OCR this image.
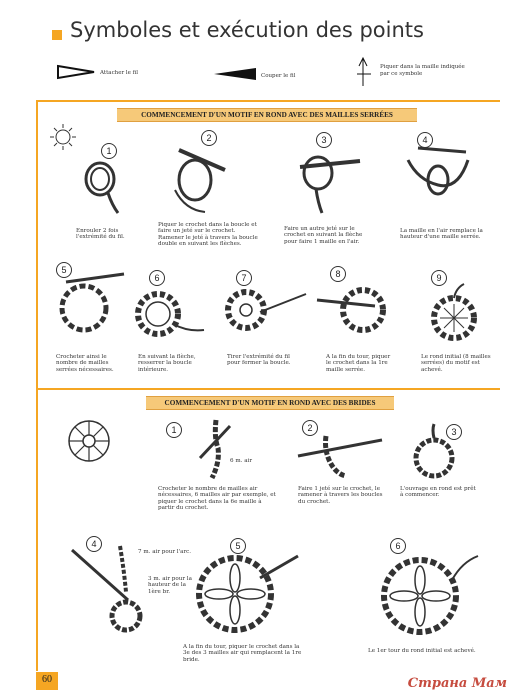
Symboles et exécution des points
Attacher le fil	Couper le fil
Piquer dans la maille indiquée par ce symbole
COMMENCEMENT D'UN MOTIF EN ROND AVEC DES MAILLES SERRÉES
1
Enrouler 2 fois l'extrémité du fil.
2
Piquer le crochet dans la boucle et faire un jeté sur le crochet. Ramener le jeté à travers la boucle double en suivant les flèches.
3
Faire un autre jeté sur le crochet en suivant la flèche pour faire 1 maille en l'air.
4
La maille en l'air remplace la hauteur d'une maille serrée.
5
Crocheter ainsi le nombre de mailles serrées nécessaires.
6
En suivant la flèche, resserrer la boucle intérieure.
7
Tirer l'extrémité du fil pour fermer la boucle.
8
A la fin du tour, piquer le crochet dans la 1re maille serrée.
9
Le rond initial (8 mailles serrées) du motif est achevé.
COMMENCEMENT D'UN MOTIF EN ROND AVEC DES BRIDES
1
6 m. air
Crocheter le nombre de mailles air nécessaires, 6 mailles air par exemple, et piquer le crochet dans la 6e maille à partir du crochet.
2
Faire 1 jeté sur le crochet, le ramener à travers les boucles du crochet.
3
L'ouvrage en rond est prêt à commencer.
4
7 m. air pour l'arc.
3 m. air pour la hauteur de la 1ère br.
5
A la fin du tour, piquer le crochet dans la 3e des 3 mailles air qui remplacent la 1re bride.
6
Le 1er tour du rond initial est achevé.
60	Страна Мам
